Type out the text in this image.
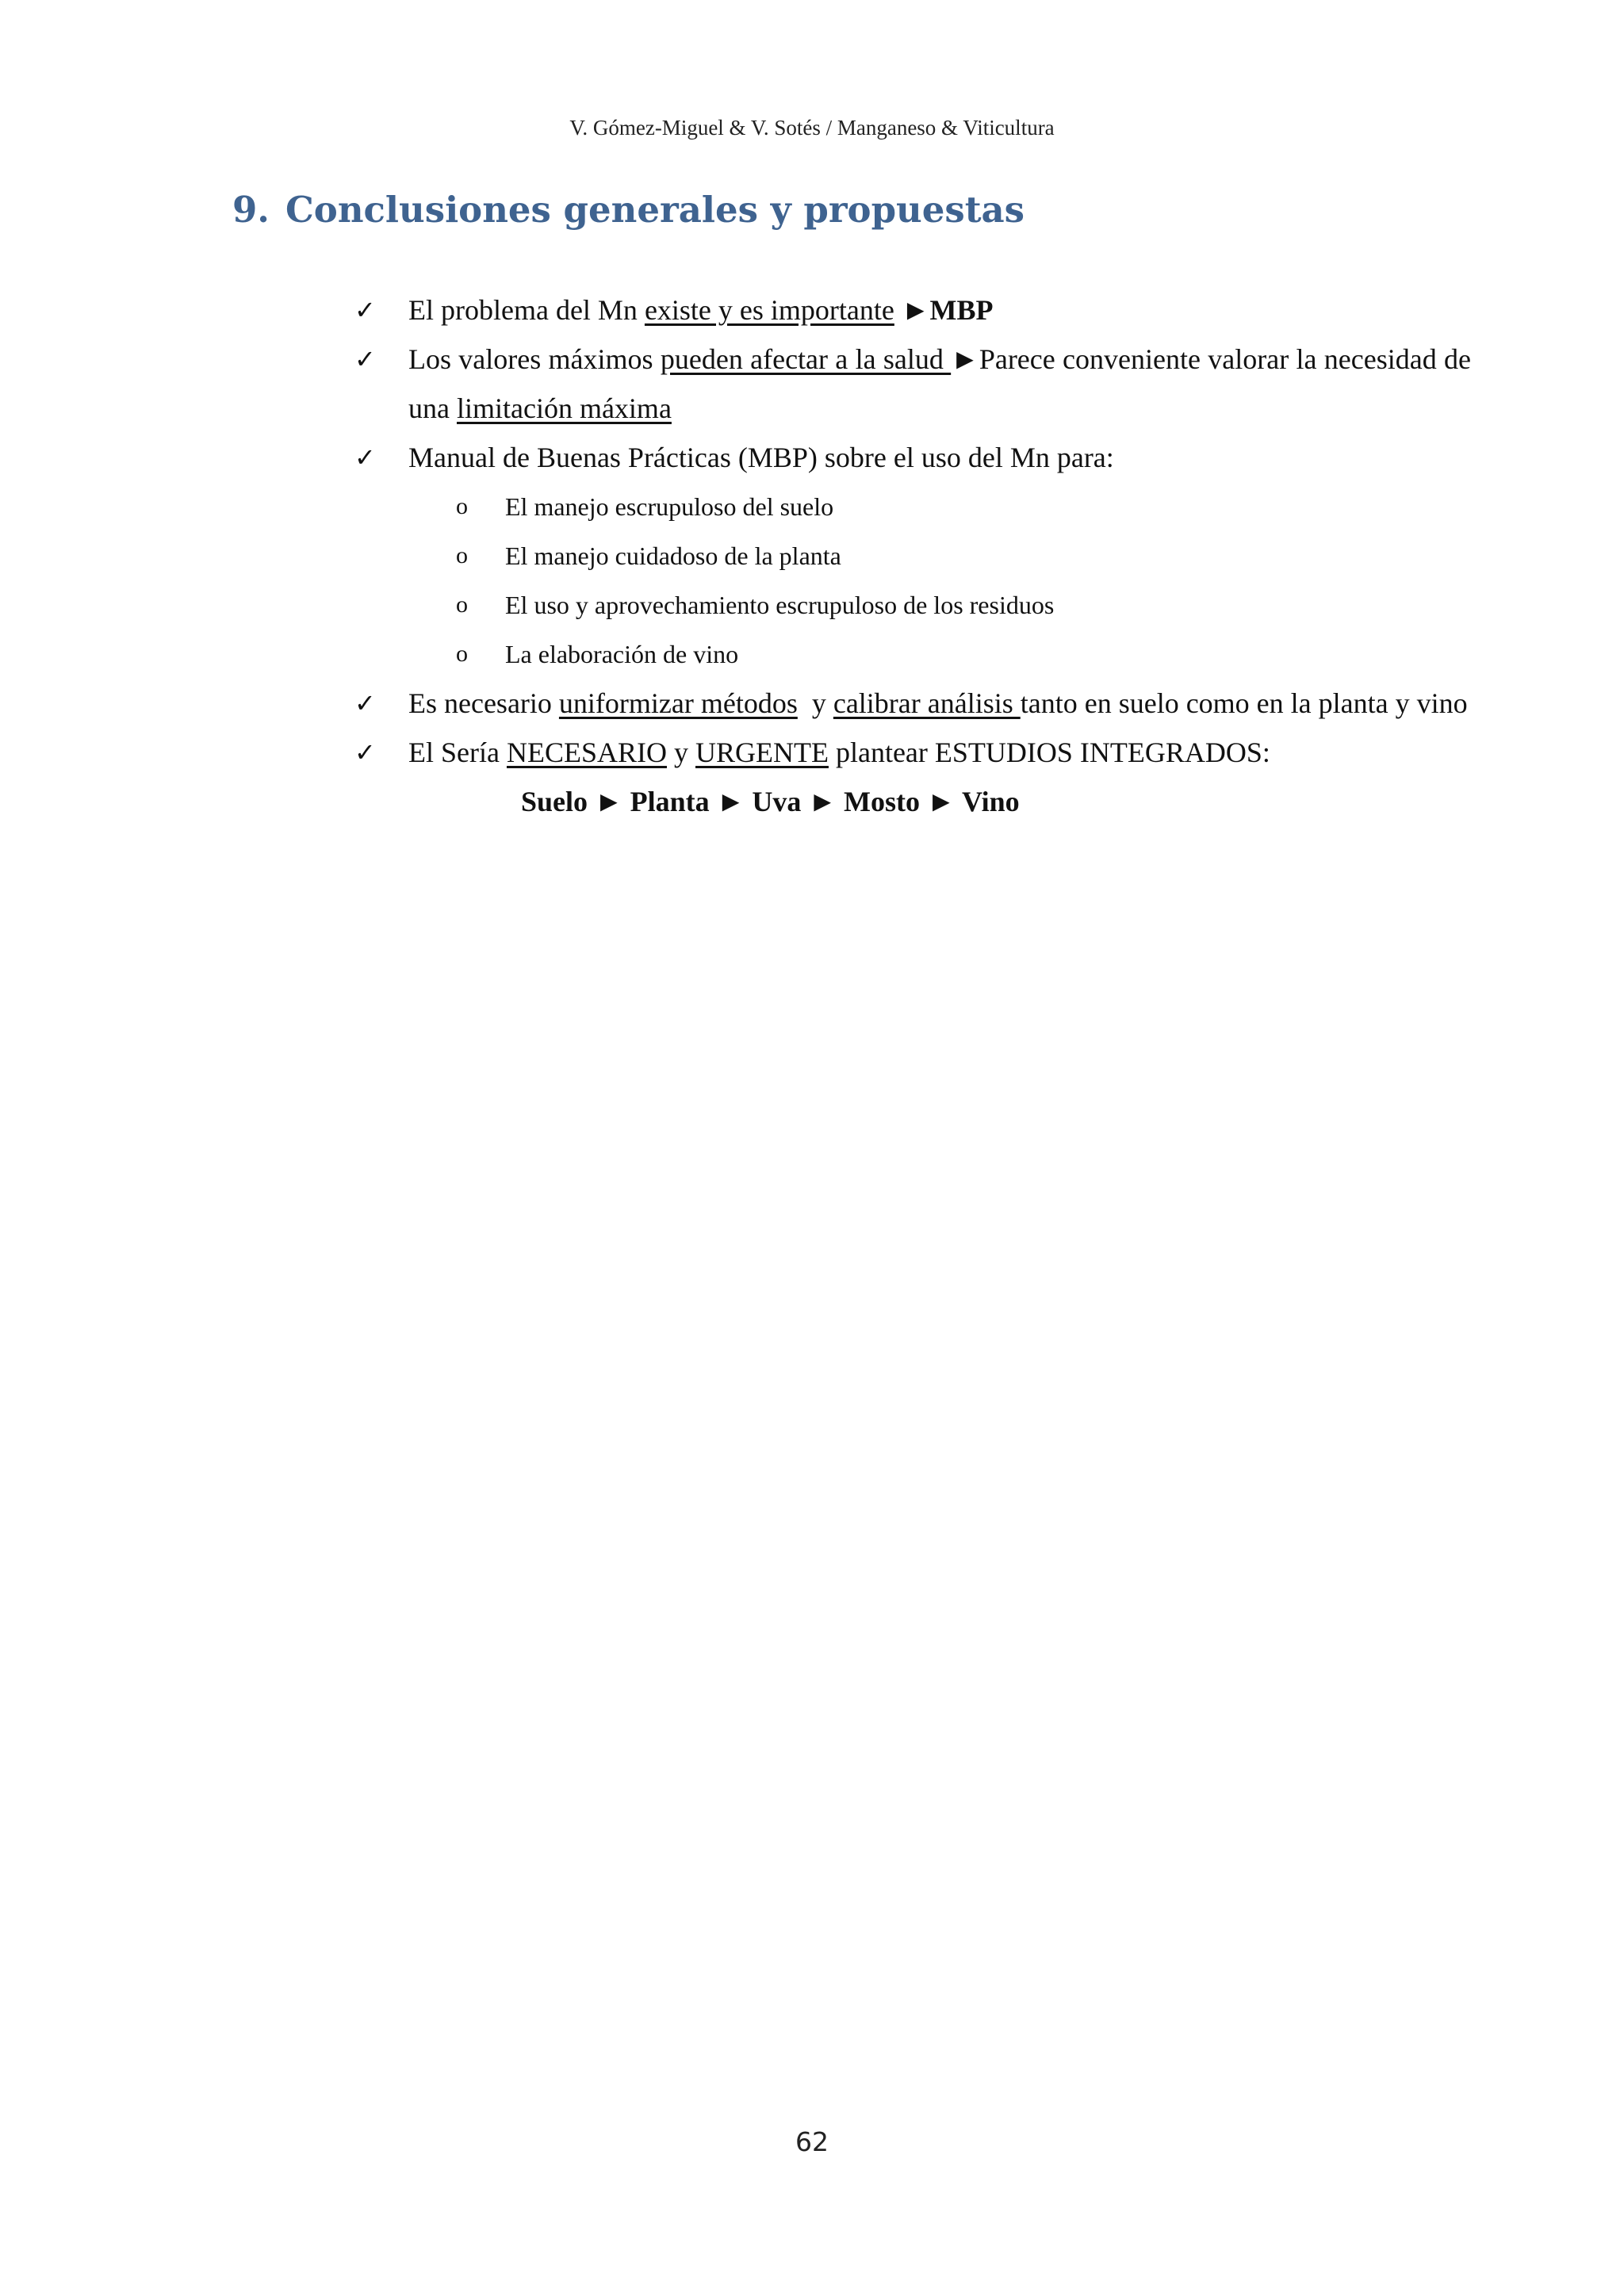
V. Gómez-Miguel & V. Sotés / Manganeso & Viticultura
9. Conclusiones generales y propuestas
✓ El problema del Mn existe y es importante ►MBP
✓ Los valores máximos pueden afectar a la salud ►Parece conveniente valorar la necesidad de una limitación máxima
✓ Manual de Buenas Prácticas (MBP) sobre el uso del Mn para:
o El manejo escrupuloso del suelo
o El manejo cuidadoso de la planta
o El uso y aprovechamiento escrupuloso de los residuos
o La elaboración de vino
✓ Es necesario uniformizar métodos  y calibrar análisis tanto en suelo como en la planta y vino
✓ El Sería NECESARIO y URGENTE plantear ESTUDIOS INTEGRADOS:
Suelo ► Planta ► Uva ► Mosto ► Vino
62
